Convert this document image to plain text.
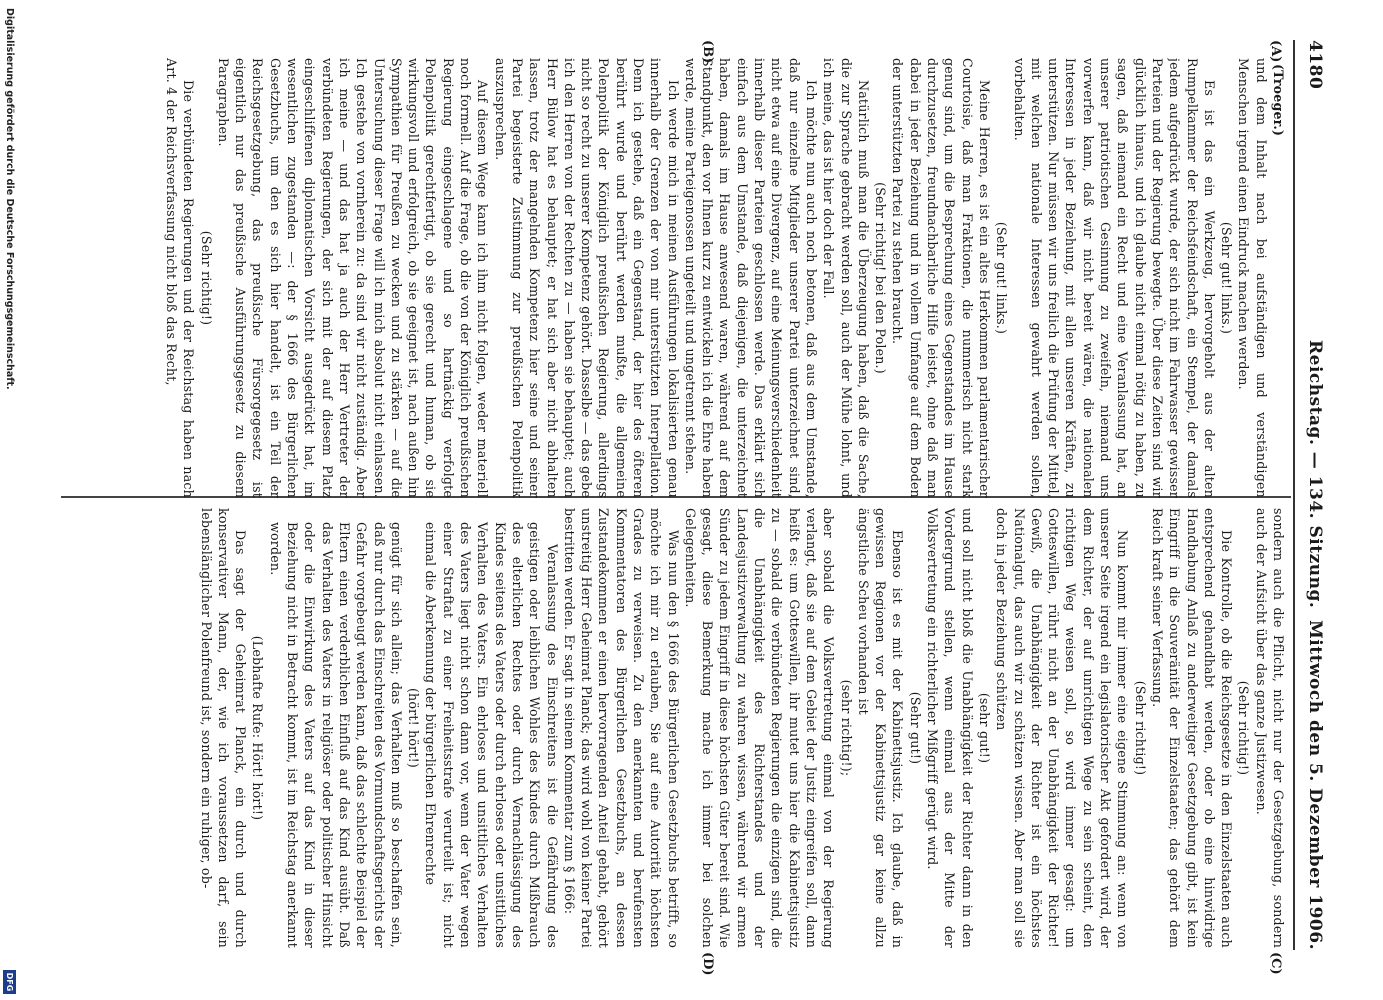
4180
Reichstag. — 134. Sitzung.
Mittwoch den 5. Dezember 1906.
(A)
(B)
(C)
(D)

(Troeger.)

und dem Inhalt nach bei aufständigen und verständigen Menschen irgend einen Eindruck machen werden.

(Sehr gut! links.)

Es ist das ein Werkzeug, hervorgeholt aus der alten Rumpelkammer der Reichsfeindschaft, ein Stempel, der damals jedem aufgedrückt wurde, der sich nicht im Fahrwasser gewisser Parteien und der Regierung bewegte. Über diese Zeiten sind wir glücklich hinaus, und ich glaube nicht einmal nötig zu haben, zu sagen, daß niemand ein Recht und eine Veranlassung hat, an unserer patriotischen Gesinnung zu zweifeln, niemand uns vorwerfen kann, daß wir nicht bereit wären, die nationalen Interessen in jeder Beziehung, mit allen unseren Kräften, zu unterstützen. Nur müssen wir uns freilich die Prüfung der Mittel, mit welchen nationale Interessen gewahrt werden sollen, vorbehalten.

(Sehr gut! links.)

Meine Herren, es ist ein altes Herkommen parlamentarischer Courtoisie, daß man Fraktionen, die nummerisch nicht stark genug sind, um die Besprechung eines Gegenstandes im Hause durchzusetzen, freundnachbarliche Hilfe leistet, ohne daß man dabei in jeder Beziehung und in vollem Umfange auf dem Boden der unterstützten Partei zu stehen braucht.

(Sehr richtig! bei den Polen.)

Natürlich muß man die Überzeugung haben, daß die Sache, die zur Sprache gebracht werden soll, auch der Mühe lohnt, und ich meine, das ist hier doch der Fall.

Ich möchte nun auch noch betonen, daß aus dem Umstande, daß nur einzelne Mitglieder unserer Partei unterzeichnet sind, nicht etwa auf eine Divergenz, auf eine Meinungsverschiedenheit innerhalb dieser Parteien geschlossen werde. Das erklärt sich einfach aus dem Umstande, daß diejenigen, die unterzeichnet haben, damals im Hause anwesend waren, während auf dem Standpunkt, den vor Ihnen kurz zu entwickeln ich die Ehre haben werde, meine Parteigenossen ungeteilt und ungetrennt stehen.

Ich werde mich in meinen Ausführungen lokalisierten genau innerhalb der Grenzen der von mir unterstützten Interpellation. Denn ich gestehe, daß ein Gegenstand, der hier des öfteren berührt wurde und berührt werden mußte, die allgemeine Polenpolitik der Königlich preußischen Regierung, allerdings nicht so recht zu unserer Kompetenz gehört. Dasselbe — das gebe ich den Herren von der Rechten zu — haben sie behauptet; auch Herr Bülow hat es behauptet; er hat sich aber nicht abhalten lassen, trotz der mangelnden Kompetenz hier seine und seiner Partei begeisterte Zustimmung zur preußischen Polenpolitik auszusprechen.

Auf diesem Wege kann ich ihm nicht folgen, weder materiell noch formell. Auf die Frage, ob die von der Königlich preußischen Regierung eingeschlagene und so hartnäckig verfolgte Polenpolitik gerechtfertigt, ob sie gerecht und human, ob sie wirkungsvoll und erfolgreich, ob sie geeignet ist, nach außen hin Sympathien für Preußen zu wecken und zu stärken — auf die Untersuchung dieser Frage will ich mich absolut nicht einlassen. Ich gestehe von vornherein zu: da sind wir nicht zuständig. Aber ich meine — und das hat ja auch der Herr Vertreter der verbündeten Regierungen, der sich mit der auf diesem Platz eingeschliffenen diplomatischen Vorsicht ausgedrückt hat, im wesentlichen zugestanden —: der § 1666 des Bürgerlichen Gesetzbuchs, um den es sich hier handelt, ist ein Teil der Reichsgesetzgebung, das preußische Fürsorgegesetz ist eigentlich nur das preußische Ausführungsgesetz zu diesem Paragraphen.

(Sehr richtig!)

Die verbündeten Regierungen und der Reichstag haben nach Art. 4 der Reichsverfassung nicht bloß das Recht,

sondern auch die Pflicht, nicht nur der Gesetzgebung, sondern auch der Aufsicht über das ganze Justizwesen.

(Sehr richtig!)

Die Kontrolle, ob die Reichsgesetze in den Einzelstaaten auch entsprechend gehandhabt werden, oder ob eine hinwidrige Handhabung Anlaß zu anderweitiger Gesetzgebung gibt, ist kein Eingriff in die Souveränität der Einzelstaaten; das gehört dem Reich kraft seiner Verfassung.

(Sehr richtig!)

Nun kommt mir immer eine eigene Stimmung an: wenn von unserer Seite irgend ein legislatorischer Akt gefordert wird, der dem Richter, der auf unrichtigen Wege zu sein scheint, den richtigen Weg weisen soll, so wird immer gesagt: um Gotteswillen, rührt nicht an der Unabhängigkeit der Richter! Gewiß, die Unabhängigkeit der Richter ist ein höchstes Nationalgut, das auch wir zu schätzen wissen. Aber man soll sie doch in jeder Beziehung schützen

(sehr gut!)

und soll nicht bloß die Unabhängigkeit der Richter dann in den Vordergrund stellen, wenn einmal aus der Mitte der Volksvertretung ein richterlicher Mißgriff gerügt wird.

(Sehr gut!)

Ebenso ist es mit der Kabinettsjustiz. Ich glaube, daß in gewissen Regionen vor der Kabinettsjustiz gar keine allzu ängstliche Scheu vorhanden ist

(sehr richtig!);

aber sobald die Volksvertretung einmal von der Regierung verlangt, daß sie auf dem Gebiet der Justiz eingreifen soll, dann heißt es: um Gotteswillen, ihr mutet uns hier die Kabinettsjustiz zu — sobald die verbündeten Regierungen die einzigen sind, die die Unabhängigkeit des Richterstandes und der Landesjustizverwaltung zu wahren wissen, während wir armen Sünder zu jedem Eingriff in diese höchsten Güter bereit sind. Wie gesagt, diese Bemerkung mache ich immer bei solchen Gelegenheiten.

Was nun den § 1666 des Bürgerlichen Gesetzbuchs betrifft, so möchte ich mir zu erlauben, Sie auf eine Autorität höchsten Grades zu verweisen. Zu den anerkannten und berufensten Kommentatoren des Bürgerlichen Gesetzbuchs, an dessen Zustandekommen er einen hervorragenden Anteil gehabt, gehört unstreitig Herr Geheimrat Planck; das wird wohl von keiner Partei bestritten werden. Er sagt in seinem Kommentar zum § 1666:

Veranlassung des Einschreitens ist die Gefährdung des geistigen oder leiblichen Wohles des Kindes durch Mißbrauch des elterlichen Rechtes oder durch Vernachlässigung des Kindes seitens des Vaters oder durch ehrloses oder unsittliches Verhalten des Vaters. Ein ehrloses und unsittliches Verhalten des Vaters liegt nicht schon dann vor, wenn der Vater wegen einer Straftat zu einer Freiheitsstrafe verurteilt ist; nicht einmal die Aberkennung der bürgerlichen Ehrenrechte

(hört! hört!)

genügt für sich allein; das Verhalten muß so beschaffen sein, daß nur durch das Einschreiten des Vormundschaftsgerichts der Gefahr vorgebeugt werden kann, daß das schlechte Beispiel der Eltern einen verderblichen Einfluß auf das Kind ausübt. Daß das Verhalten des Vaters in religiöser oder politischer Hinsicht oder die Einwirkung des Vaters auf das Kind in dieser Beziehung nicht in Betracht kommt, ist im Reichstag anerkannt worden.

(Lebhafte Rufe: Hört! hört!)

Das sagt der Geheimrat Planck, ein durch und durch konservativer Mann, der, wie ich voraussetzen darf, sein lebenslänglicher Polenfreund ist, sondern ein ruhiger, ob-

Digitalisierung gefördert durch die Deutsche Forschungsgemeinschaft.
DFG
